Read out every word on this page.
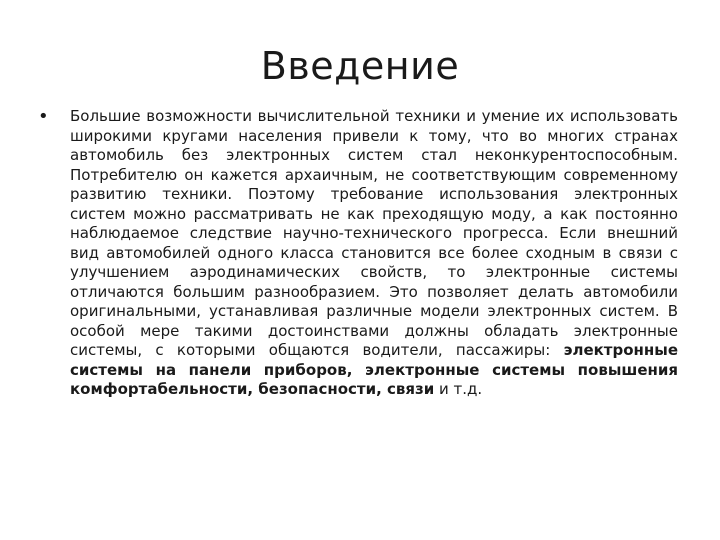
Введение
• Большие возможности вычислительной техники и умение их использовать широкими кругами населения привели к тому, что во многих странах автомобиль без электронных систем стал неконкурентоспособным. Потребителю он кажется архаичным, не соответствующим современному развитию техники. Поэтому требование использования электронных систем можно рассматривать не как преходящую моду, а как постоянно наблюдаемое следствие научно-технического прогресса. Если внешний вид автомобилей одного класса становится все более сходным в связи с улучшением аэродинамических свойств, то электронные системы отличаются большим разнообразием. Это позволяет делать автомобили оригинальными, устанавливая различные модели электронных систем. В особой мере такими достоинствами должны обладать электронные системы, с которыми общаются водители, пассажиры: электронные системы на панели приборов, электронные системы повышения комфортабельности, безопасности, связи и т.д.
